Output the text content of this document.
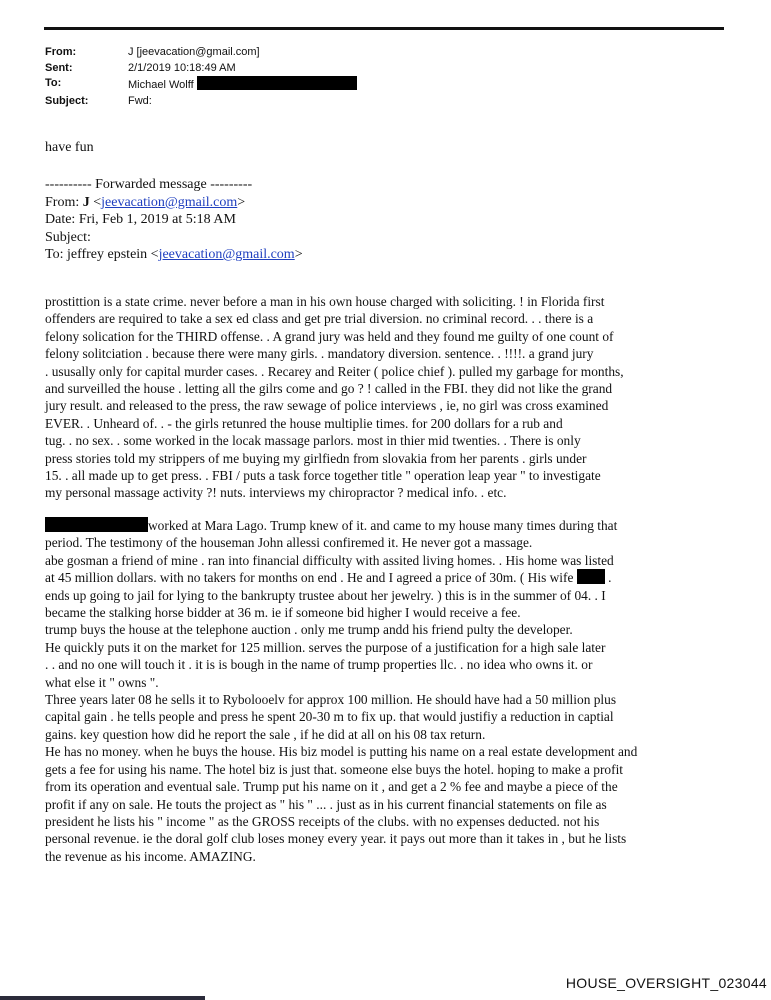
From:	J [jeevacation@gmail.com]
Sent:	2/1/2019 10:18:49 AM
To:	Michael Wolff
Subject:	Fwd:
have fun
---------- Forwarded message ---------
From: J <jeevacation@gmail.com>
Date: Fri, Feb 1, 2019 at 5:18 AM
Subject:
To: jeffrey epstein <jeevacation@gmail.com>
prostittion is a state crime. never before a man in his own house charged with soliciting. ! in Florida first
offenders are required to take a sex ed class and get pre trial diversion. no criminal record. . . there is a
felony solication for the THIRD offense. . A grand jury was held and they found me guilty of one count of
felony solitciation . because there were many girls. . mandatory diversion. sentence. . !!!!. a grand jury
. ususally only for capital murder cases. . Recarey and Reiter ( police chief ). pulled my garbage for months,
and surveilled the house . letting all the gilrs come and go ? ! called in the FBI. they did not like the grand
jury result. and released to the press, the raw sewage of police interviews , ie, no girl was cross examined
EVER. . Unheard of. . - the girls retunred the house multiplie times. for 200 dollars for a rub and
tug. . no sex. . some worked in the locak massage parlors. most in thier mid twenties. . There is only
press stories told my strippers of me buying my girlfiedn from slovakia from her parents . girls under
15. . all made up to get press. . FBI / puts a task force together title " operation leap year " to investigate
my personal massage activity ?! nuts. interviews my chiropractor ? medical info. . etc.
worked at Mara Lago. Trump knew of it. and came to my house many times during that
period. The testimony of the houseman John allessi confiremed it. He never got a massage.
abe gosman a friend of mine . ran into financial difficulty with assited living homes. . His home was listed
at 45 million dollars. with no takers for months on end . He and I agreed a price of 30m. ( His wife  .
ends up going to jail for lying to the bankrupty trustee about her jewelry. ) this is in the summer of 04. . I
became the stalking horse bidder at 36 m. ie if someone bid higher I would receive a fee.
trump buys the house at the telephone auction . only me trump andd his friend pulty the developer.
He quickly puts it on the market for 125 million. serves the purpose of a justification for a high sale later
. . and no one will touch it . it is is bough in the name of trump properties llc. . no idea who owns it. or
what else it " owns ".
Three years later 08 he sells it to Rybolooelv for approx 100 million. He should have had a 50 million plus
capital gain . he tells people and press he spent 20-30 m to fix up. that would justifiy a reduction in captial
gains. key question how did he report the sale , if he did at all on his 08 tax return.
He has no money. when he buys the house. His biz model is putting his name on a real estate development and
gets a fee for using his name. The hotel biz is just that. someone else buys the hotel. hoping to make a profit
from its operation and eventual sale. Trump put his name on it , and get a 2 % fee and maybe a piece of the
profit if any on sale. He touts the project as " his " ... . just as in his current financial statements on file as
president he lists his " income " as the GROSS receipts of the clubs. with no expenses deducted. not his
personal revenue. ie the doral golf club loses money every year. it pays out more than it takes in , but he lists
the revenue as his income. AMAZING.
HOUSE_OVERSIGHT_023044
